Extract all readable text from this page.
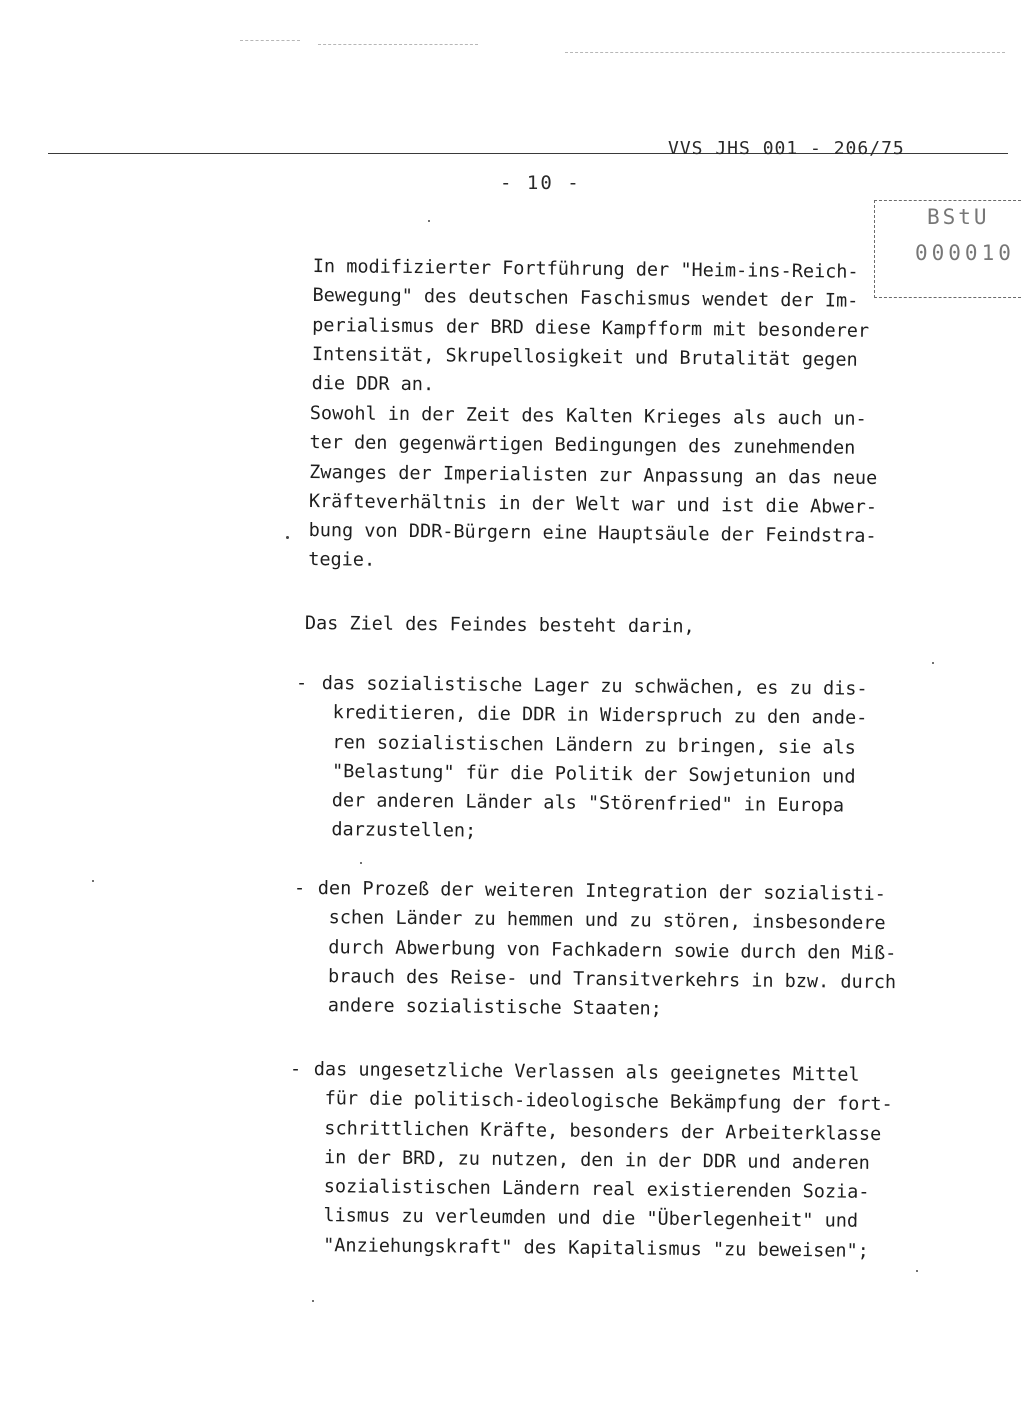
VVS JHS 001 - 206/75
- 10 -
BStU
000010
In modifizierter Fortführung der "Heim-ins-Reich-
Bewegung" des deutschen Faschismus wendet der Im-
perialismus der BRD diese Kampfform mit besonderer
Intensität, Skrupellosigkeit und Brutalität gegen
die DDR an.
Sowohl in der Zeit des Kalten Krieges als auch un-
ter den gegenwärtigen Bedingungen des zunehmenden
Zwanges der Imperialisten zur Anpassung an das neue
Kräfteverhältnis in der Welt war und ist die Abwer-
bung von DDR-Bürgern eine Hauptsäule der Feindstra-
tegie.
Das Ziel des Feindes besteht darin,
- das sozialistische Lager zu schwächen, es zu dis-
kreditieren, die DDR in Widerspruch zu den ande-
ren sozialistischen Ländern zu bringen, sie als
"Belastung" für die Politik der Sowjetunion und
der anderen Länder als "Störenfried" in Europa
darzustellen;
- den Prozeß der weiteren Integration der sozialisti-
schen Länder zu hemmen und zu stören, insbesondere
durch Abwerbung von Fachkadern sowie durch den Miß-
brauch des Reise- und Transitverkehrs in bzw. durch
andere sozialistische Staaten;
- das ungesetzliche Verlassen als geeignetes Mittel
für die politisch-ideologische Bekämpfung der fort-
schrittlichen Kräfte, besonders der Arbeiterklasse
in der BRD, zu nutzen, den in der DDR und anderen
sozialistischen Ländern real existierenden Sozia-
lismus zu verleumden und die "Überlegenheit" und
"Anziehungskraft" des Kapitalismus "zu beweisen";
